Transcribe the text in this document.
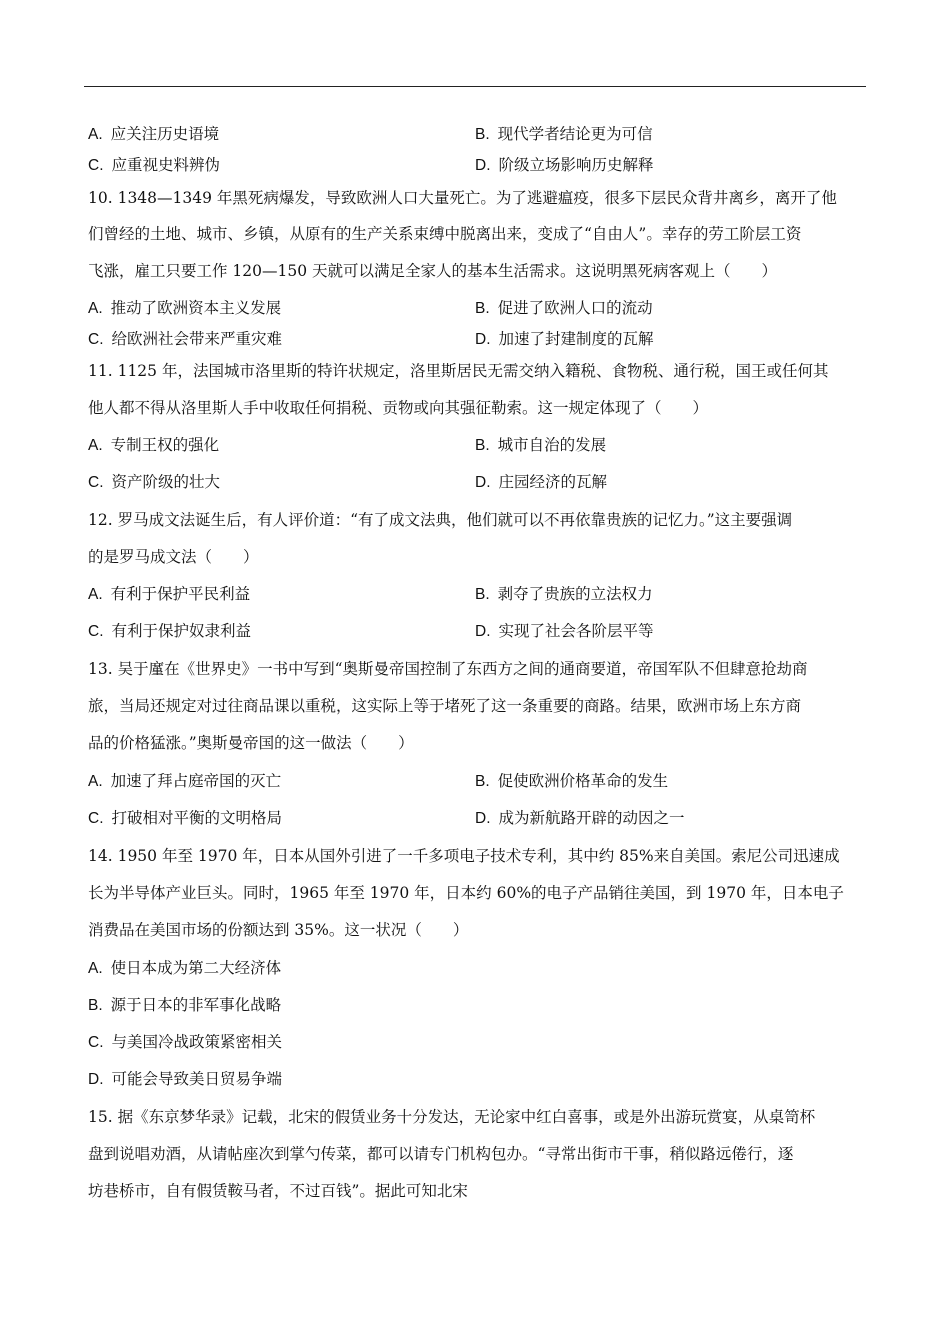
A. 应关注历史语境	B. 现代学者结论更为可信
C. 应重视史料辨伪	D. 阶级立场影响历史解释
10. 1348—1349 年黑死病爆发，导致欧洲人口大量死亡。为了逃避瘟疫，很多下层民众背井离乡，离开了他
们曾经的土地、城市、乡镇，从原有的生产关系束缚中脱离出来，变成了“自由人”。幸存的劳工阶层工资
飞涨，雇工只要工作 120—150 天就可以满足全家人的基本生活需求。这说明黑死病客观上（　　）
A. 推动了欧洲资本主义发展	B. 促进了欧洲人口的流动
C. 给欧洲社会带来严重灾难	D. 加速了封建制度的瓦解
11. 1125 年，法国城市洛里斯的特许状规定，洛里斯居民无需交纳入籍税、食物税、通行税，国王或任何其
他人都不得从洛里斯人手中收取任何捐税、贡物或向其强征勒索。这一规定体现了（　　）
A. 专制王权的强化	B. 城市自治的发展
C. 资产阶级的壮大	D. 庄园经济的瓦解
12. 罗马成文法诞生后，有人评价道：“有了成文法典，他们就可以不再依靠贵族的记忆力。”这主要强调
的是罗马成文法（　　）
A. 有利于保护平民利益	B. 剥夺了贵族的立法权力
C. 有利于保护奴隶利益	D. 实现了社会各阶层平等
13. 吴于廑在《世界史》一书中写到“奥斯曼帝国控制了东西方之间的通商要道，帝国军队不但肆意抢劫商
旅，当局还规定对过往商品课以重税，这实际上等于堵死了这一条重要的商路。结果，欧洲市场上东方商
品的价格猛涨。”奥斯曼帝国的这一做法（　　）
A. 加速了拜占庭帝国的灭亡	B. 促使欧洲价格革命的发生
C. 打破相对平衡的文明格局	D. 成为新航路开辟的动因之一
14. 1950 年至 1970 年，日本从国外引进了一千多项电子技术专利，其中约 85%来自美国。索尼公司迅速成
长为半导体产业巨头。同时，1965 年至 1970 年，日本约 60%的电子产品销往美国，到 1970 年，日本电子
消费品在美国市场的份额达到 35%。这一状况（　　）
A. 使日本成为第二大经济体
B. 源于日本的非军事化战略
C. 与美国冷战政策紧密相关
D. 可能会导致美日贸易争端
15. 据《东京梦华录》记载，北宋的假赁业务十分发达，无论家中红白喜事，或是外出游玩赏宴，从桌笥杯
盘到说唱劝酒，从请帖座次到掌勺传菜，都可以请专门机构包办。“寻常出街市干事，稍似路远倦行，逐
坊巷桥市，自有假赁鞍马者，不过百钱”。据此可知北宋
